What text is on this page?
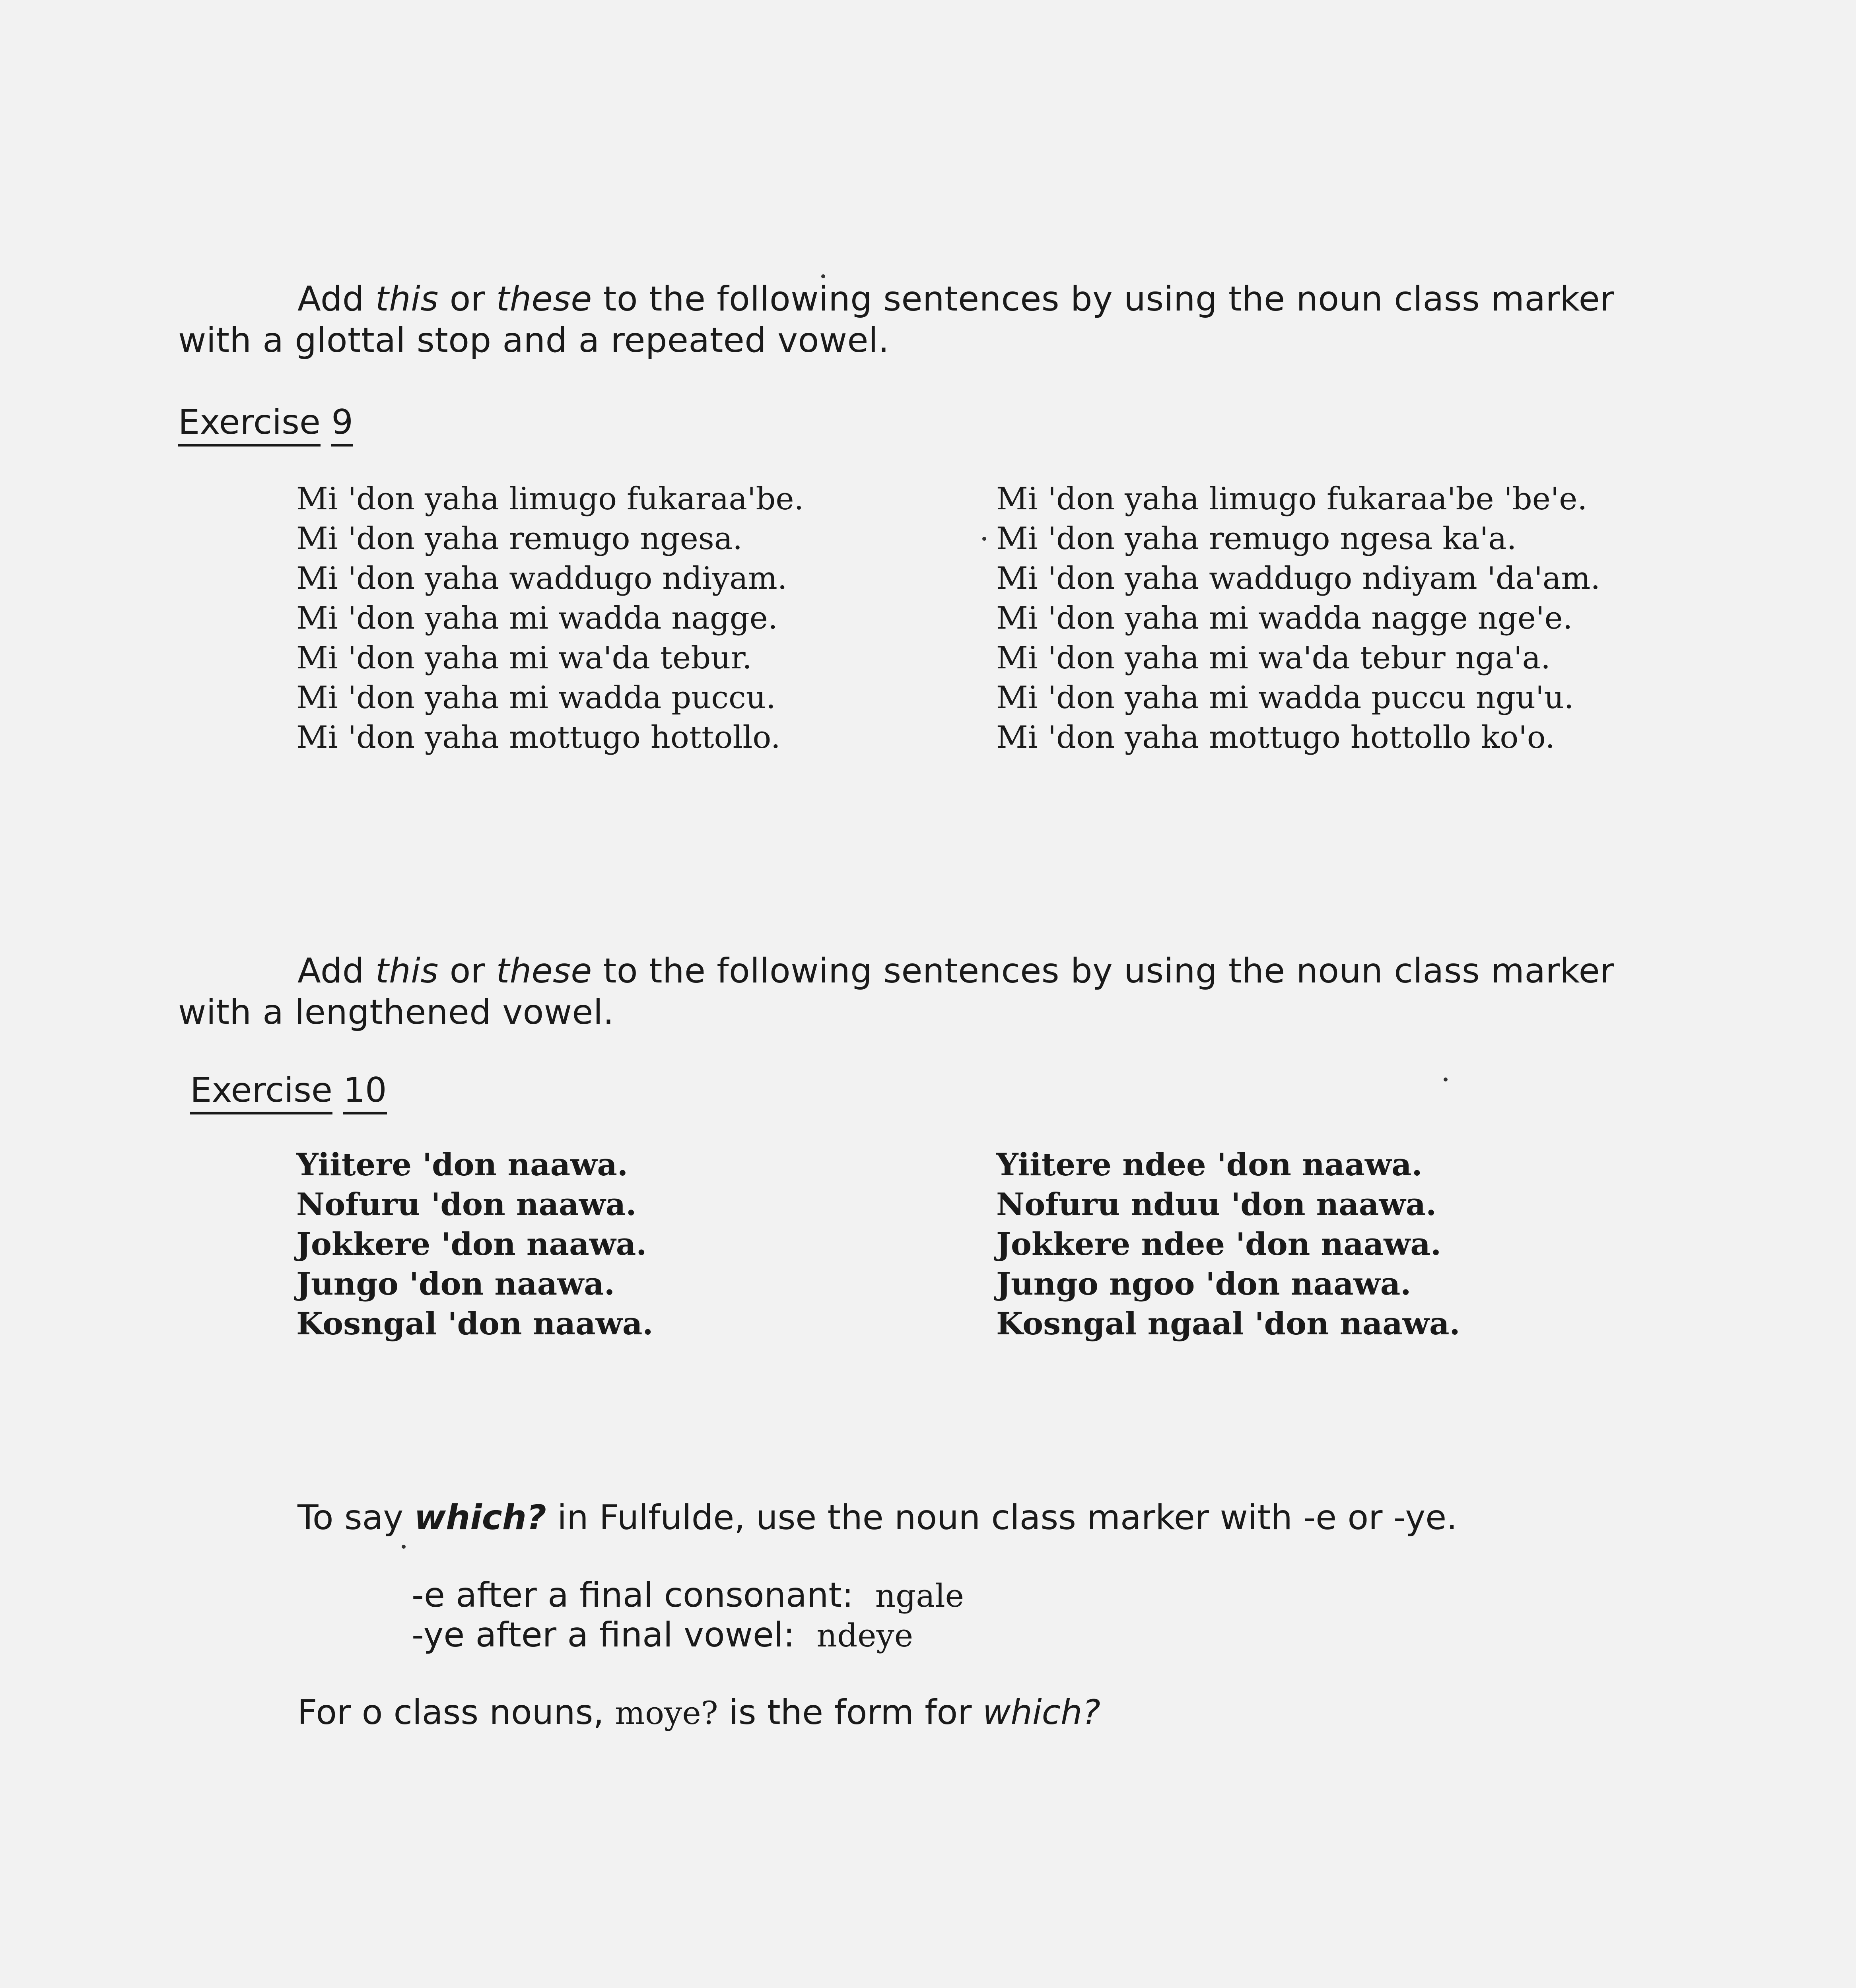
Add this or these to the following sentences by using the noun class marker with a glottal stop and a repeated vowel.
Exercise 9
Mi 'don yaha limugo fukaraa'be.
Mi 'don yaha remugo ngesa.
Mi 'don yaha waddugo ndiyam.
Mi 'don yaha mi wadda nagge.
Mi 'don yaha mi wa'da tebur.
Mi 'don yaha mi wadda puccu.
Mi 'don yaha mottugo hottollo.
Mi 'don yaha limugo fukaraa'be 'be'e.
Mi 'don yaha remugo ngesa ka'a.
Mi 'don yaha waddugo ndiyam 'da'am.
Mi 'don yaha mi wadda nagge nge'e.
Mi 'don yaha mi wa'da tebur nga'a.
Mi 'don yaha mi wadda puccu ngu'u.
Mi 'don yaha mottugo hottollo ko'o.
Add this or these to the following sentences by using the noun class marker with a lengthened vowel.
Exercise 10
Yiitere 'don naawa.
Nofuru 'don naawa.
Jokkere 'don naawa.
Jungo 'don naawa.
Kosngal 'don naawa.
Yiitere ndee 'don naawa.
Nofuru nduu 'don naawa.
Jokkere ndee 'don naawa.
Jungo ngoo 'don naawa.
Kosngal ngaal 'don naawa.
To say which? in Fulfulde, use the noun class marker with -e or -ye.
-e after a final consonant: ngale
-ye after a final vowel: ndeye
For o class nouns, moye? is the form for which?
